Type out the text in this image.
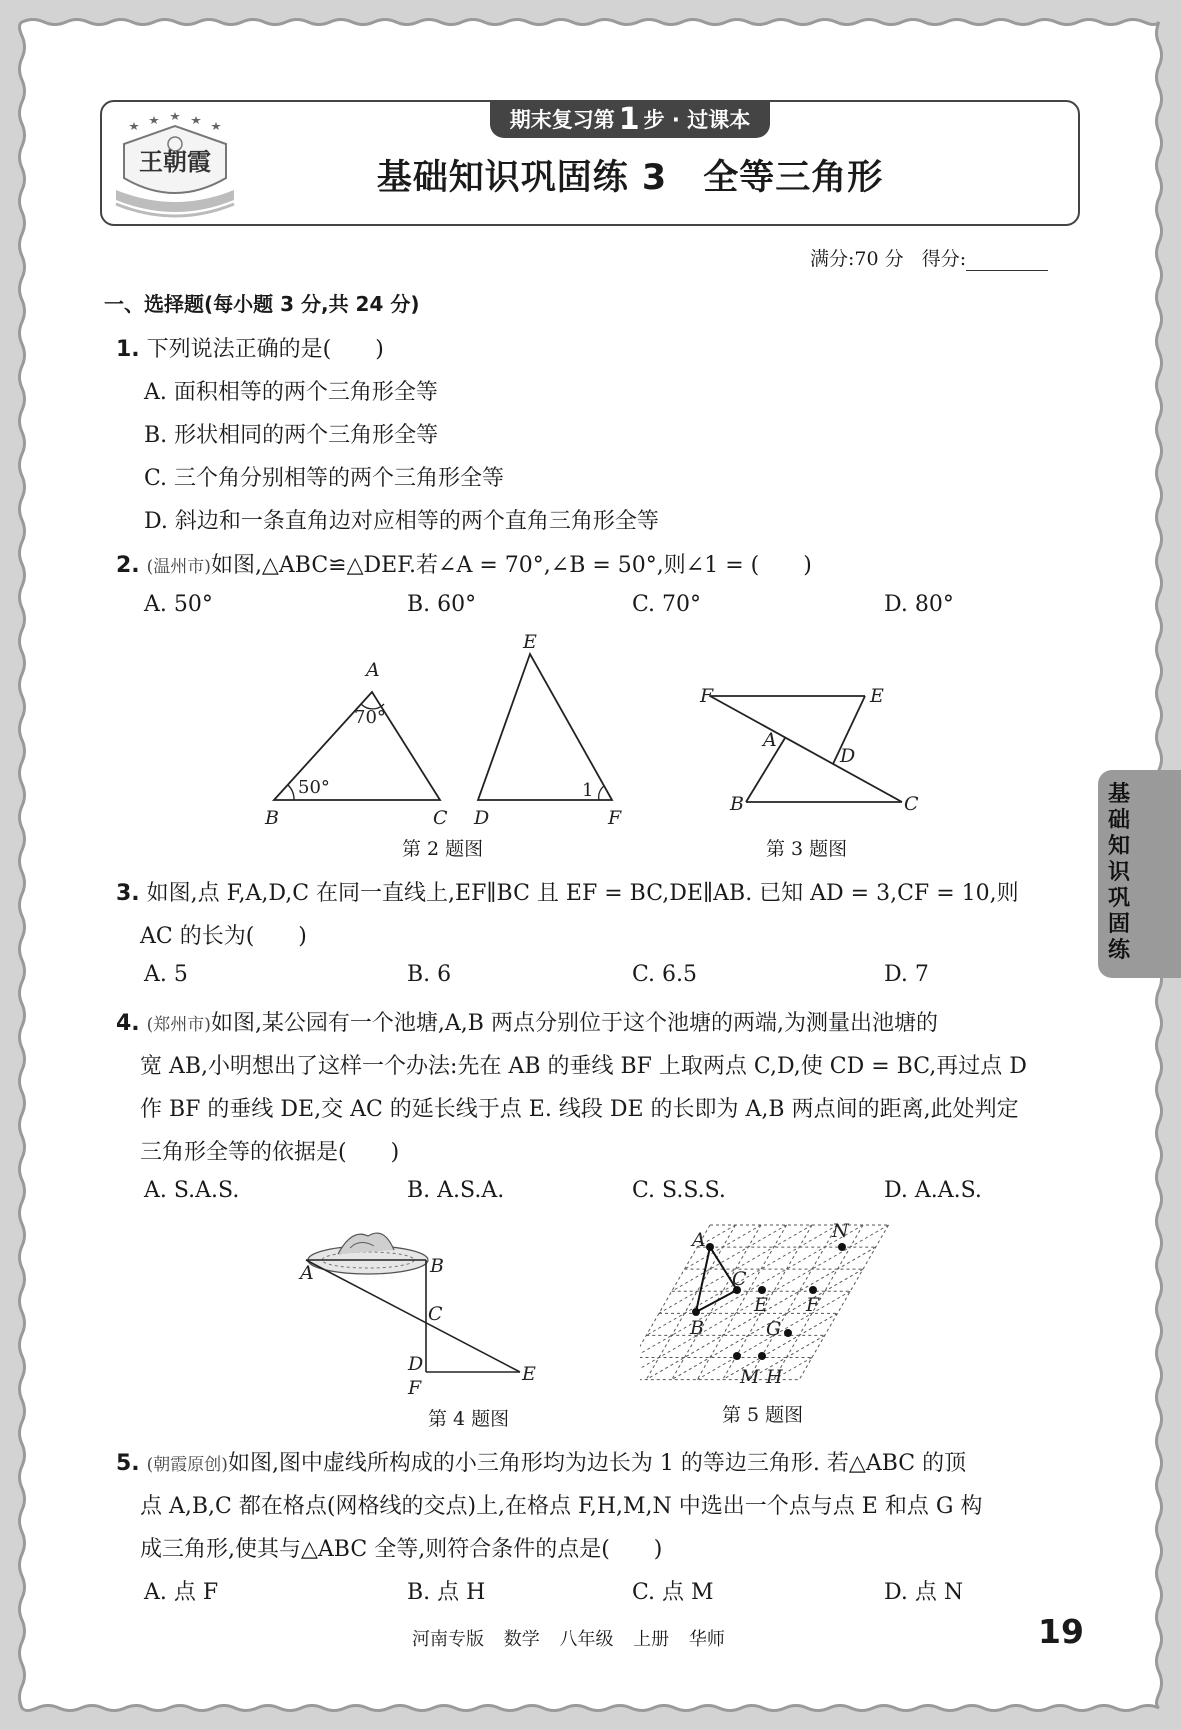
期末复习第 1 步 · 过课本
王朝霞	基础知识巩固练 3　全等三角形
满分:70 分 得分:
一、选择题(每小题 3 分,共 24 分)
1. 下列说法正确的是(　　)
A. 面积相等的两个三角形全等
B. 形状相同的两个三角形全等
C. 三个角分别相等的两个三角形全等
D. 斜边和一条直角边对应相等的两个直角三角形全等
2. (温州市)如图,△ABC≌△DEF.若∠A = 70°,∠B = 50°,则∠1 = (　　)
A. 50°	B. 60°	C. 70°	D. 80°
A
70°
50°
B	C D
E
F
1
第 2 题图
F	E
A
D
B	C
第 3 题图
3. 如图,点 F,A,D,C 在同一直线上,EF∥BC 且 EF = BC,DE∥AB. 已知 AD = 3,CF = 10,则
AC 的长为(　　)
A. 5	B. 6	C. 6.5	D. 7
4. (郑州市)如图,某公园有一个池塘,A,B 两点分别位于这个池塘的两端,为测量出池塘的
宽 AB,小明想出了这样一个办法:先在 AB 的垂线 BF 上取两点 C,D,使 CD = BC,再过点 D
作 BF 的垂线 DE,交 AC 的延长线于点 E. 线段 DE 的长即为 A,B 两点间的距离,此处判定
三角形全等的依据是(　　)
A. S.A.S.	B. A.S.A.	C. S.S.S.	D. A.A.S.
A	B
C
D
F
E
第 4 题图
A	N
C
E F
B	G
M H
第 5 题图
5. (朝霞原创)如图,图中虚线所构成的小三角形均为边长为 1 的等边三角形. 若△ABC 的顶
点 A,B,C 都在格点(网格线的交点)上,在格点 F,H,M,N 中选出一个点与点 E 和点 G 构
成三角形,使其与△ABC 全等,则符合条件的点是(　　)
A. 点 F	B. 点 H	C. 点 M	D. 点 N
基础知识巩固练
河南专版 数学 八年级 上册 华师	19
